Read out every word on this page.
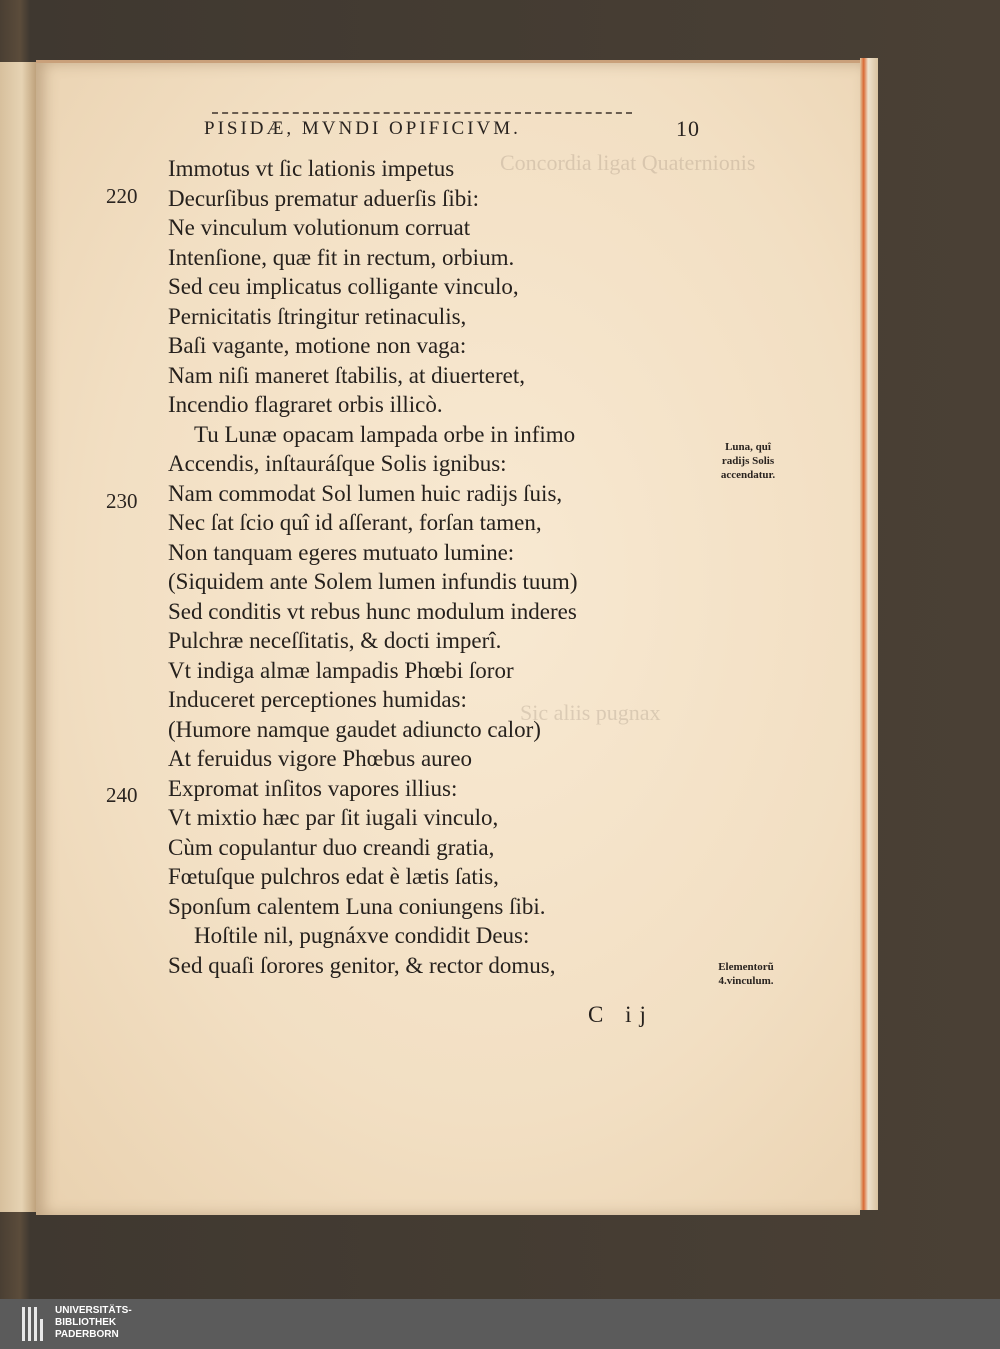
Concordia ligat Quaternionis
Sic aliis pugnax
PISIDÆ, MVNDI OPIFICIVM.	10
220
230
240
Immotus vt ſic lationis impetus
Decurſibus prematur aduerſis ſibi:
Ne vinculum volutionum corruat
Intenſione, quæ fit in rectum, orbium.
Sed ceu implicatus colligante vinculo,
Pernicitatis ſtringitur retinaculis,
Baſi vagante, motione non vaga:
Nam niſi maneret ſtabilis, at diuerteret,
Incendio flagraret orbis illicò.
Tu Lunæ opacam lampada orbe in infimo
Accendis, inſtauráſque Solis ignibus:
Nam commodat Sol lumen huic radijs ſuis,
Nec ſat ſcio quî id aſſerant, forſan tamen,
Non tanquam egeres mutuato lumine:
(Siquidem ante Solem lumen infundis tuum)
Sed conditis vt rebus hunc modulum inderes
Pulchræ neceſſitatis, & docti imperî.
Vt indiga almæ lampadis Phœbi ſoror
Induceret perceptiones humidas:
(Humore namque gaudet adiuncto calor)
At feruidus vigore Phœbus aureo
Expromat inſitos vapores illius:
Vt mixtio hæc par ſit iugali vinculo,
Cùm copulantur duo creandi gratia,
Fœtuſque pulchros edat è lætis ſatis,
Sponſum calentem Luna coniungens ſibi.
Hoſtile nil, pugnáxve condidit Deus:
Sed quaſi ſorores genitor, & rector domus,
Luna, quî
radijs Solis
accendatur.
Elementorũ
4.vinculum.
C ij
UNIVERSITÄTS-
BIBLIOTHEK
PADERBORN
